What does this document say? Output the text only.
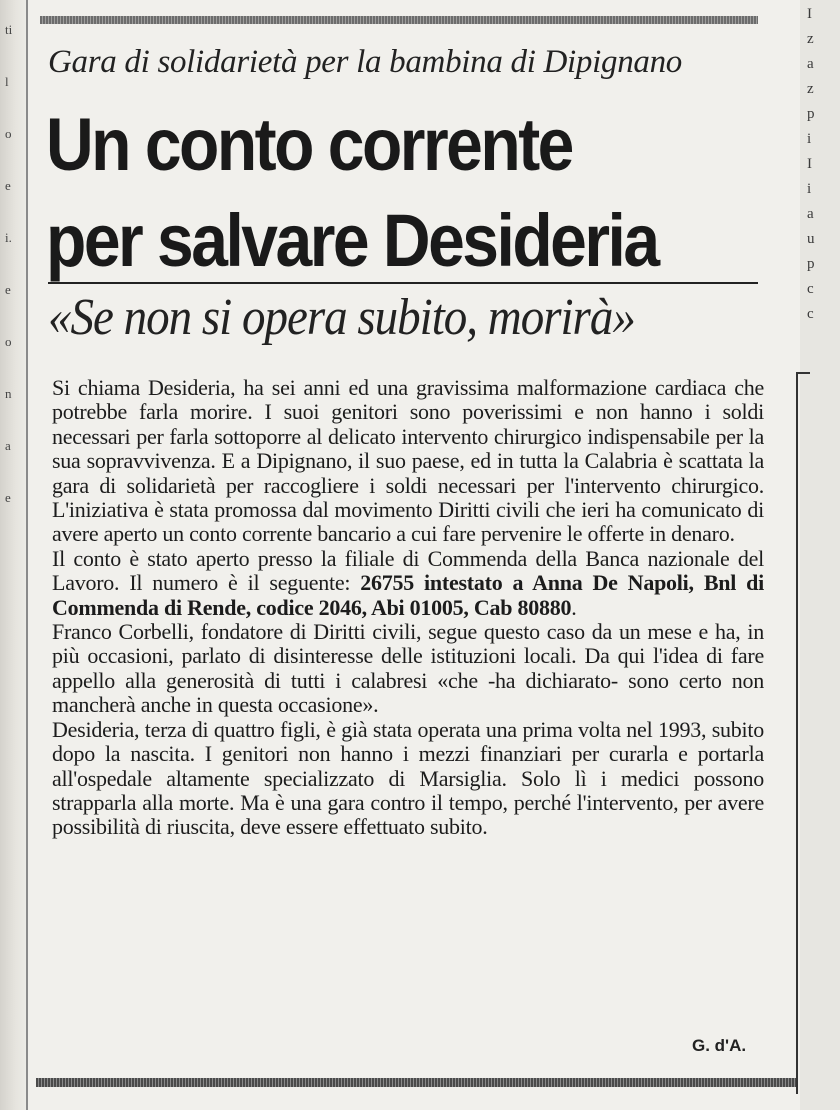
ti
l
o
e
i.
e
o
n
a
e
I
z
a
z
p
i
I
i
a
u
p
c
c
Gara di solidarietà per la bambina di Dipignano
Un conto corrente
per salvare Desideria
«Se non si opera subito, morirà»

Si chiama Desideria, ha sei anni ed una gravissima malformazione cardiaca che potrebbe farla morire. I suoi genitori sono poverissimi e non hanno i soldi necessari per farla sottoporre al delicato intervento chirurgico indispensabile per la sua sopravvivenza. E a Dipignano, il suo paese, ed in tutta la Calabria è scattata la gara di solidarietà per raccogliere i soldi necessari per l'intervento chirurgico. L'iniziativa è stata promossa dal movimento Diritti civili che ieri ha comunicato di avere aperto un conto corrente bancario a cui fare pervenire le offerte in denaro.

Il conto è stato aperto presso la filiale di Commenda della Banca nazionale del Lavoro. Il numero è il seguente: 26755 intestato a Anna De Napoli, Bnl di Commenda di Rende, codice 2046, Abi 01005, Cab 80880.

Franco Corbelli, fondatore di Diritti civili, segue questo caso da un mese e ha, in più occasioni, parlato di disinteresse delle istituzioni locali. Da qui l'idea di fare appello alla generosità di tutti i calabresi «che -ha dichiarato- sono certo non mancherà anche in questa occasione».

Desideria, terza di quattro figli, è già stata operata una prima volta nel 1993, subito dopo la nascita. I genitori non hanno i mezzi finanziari per curarla e portarla all'ospedale altamente specializzato di Marsiglia. Solo lì i medici possono strapparla alla morte. Ma è una gara contro il tempo, perché l'intervento, per avere possibilità di riuscita, deve essere effettuato subito.

G. d'A.
